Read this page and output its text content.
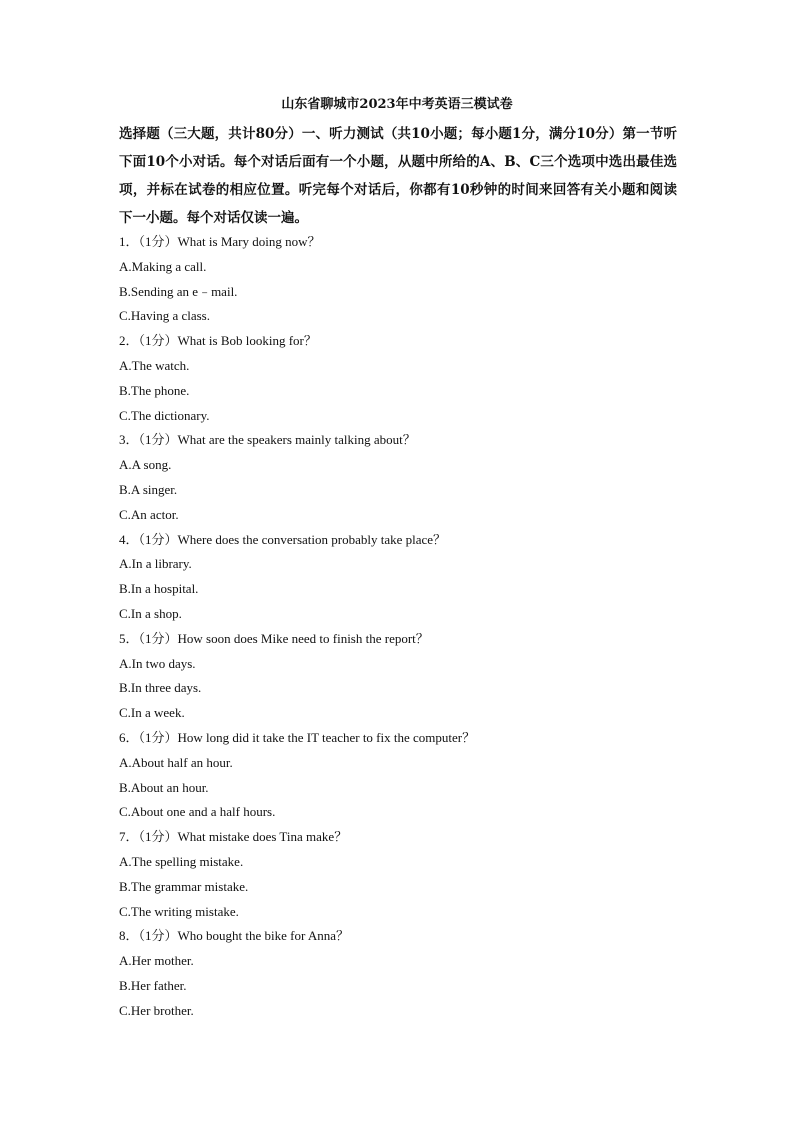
山东省聊城市2023年中考英语三模试卷
选择题（三大题，共计80分）一、听力测试（共10小题；每小题1分，满分10分）第一节听下面10个小对话。每个对话后面有一个小题，从题中所给的A、B、C三个选项中选出最佳选项，并标在试卷的相应位置。听完每个对话后，你都有10秒钟的时间来回答有关小题和阅读下一小题。每个对话仅读一遍。
1．（1分）What is Mary doing now？
A.Making a call.
B.Sending an e﹣mail.
C.Having a class.
2．（1分）What is Bob looking for？
A.The watch.
B.The phone.
C.The dictionary.
3．（1分）What are the speakers mainly talking about？
A.A song.
B.A singer.
C.An actor.
4．（1分）Where does the conversation probably take place？
A.In a library.
B.In a hospital.
C.In a shop.
5．（1分）How soon does Mike need to finish the report？
A.In two days.
B.In three days.
C.In a week.
6．（1分）How long did it take the IT teacher to fix the computer？
A.About half an hour.
B.About an hour.
C.About one and a half hours.
7．（1分）What mistake does Tina make？
A.The spelling mistake.
B.The grammar mistake.
C.The writing mistake.
8．（1分）Who bought the bike for Anna？
A.Her mother.
B.Her father.
C.Her brother.
